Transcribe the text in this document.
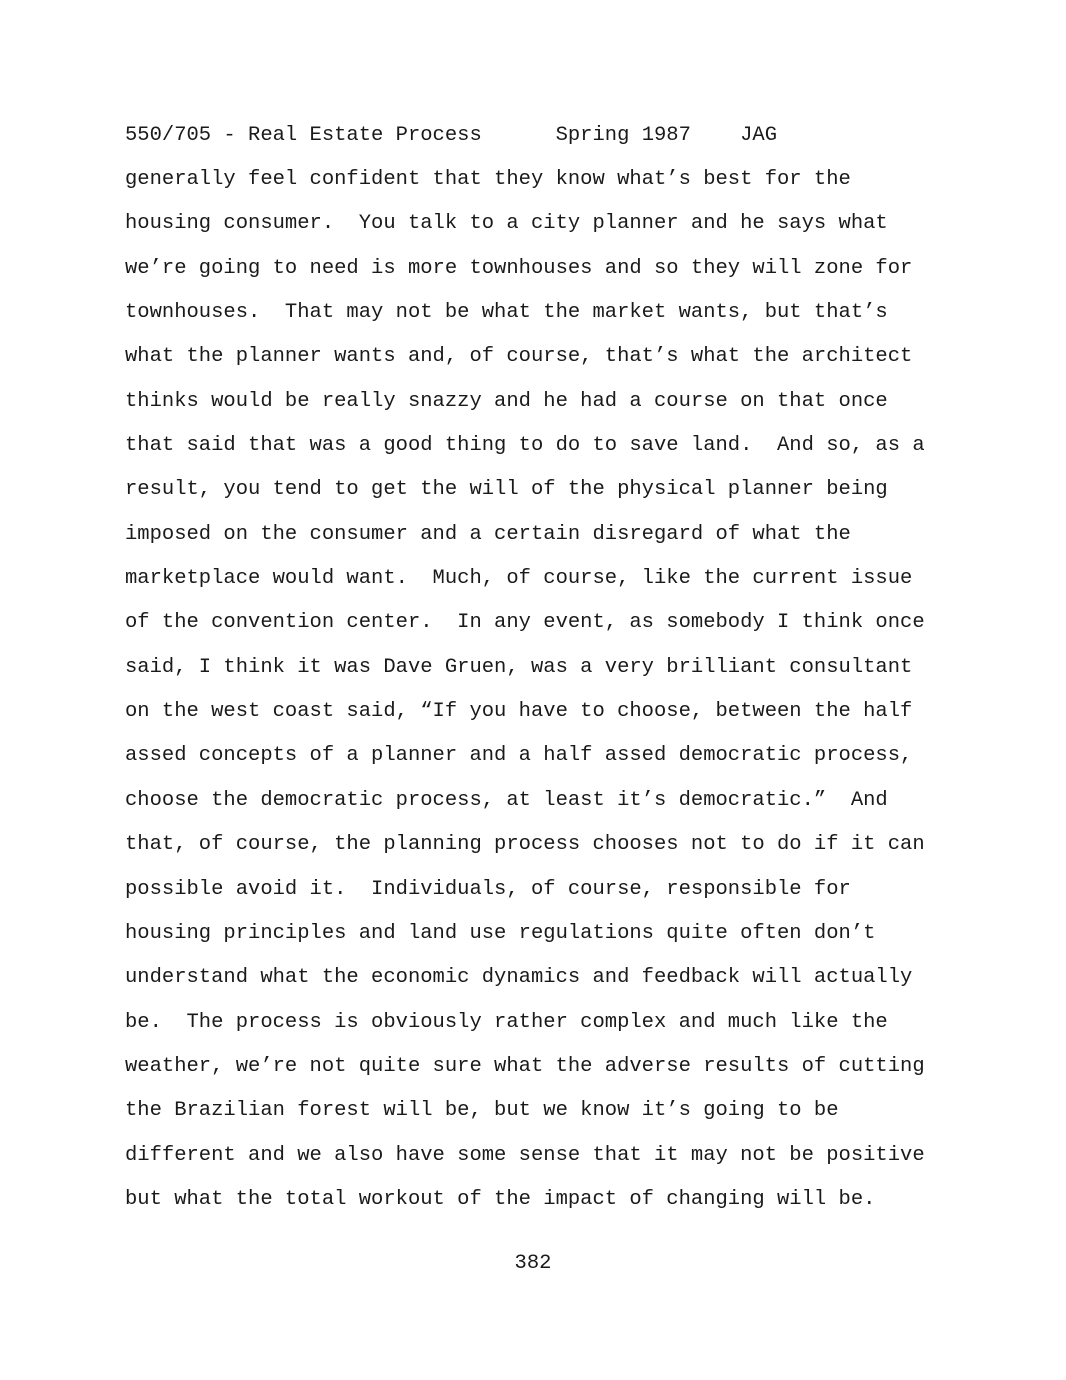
550/705 - Real Estate Process	Spring 1987 JAG
generally feel confident that they know what’s best for the
housing consumer.  You talk to a city planner and he says what
we’re going to need is more townhouses and so they will zone for
townhouses.  That may not be what the market wants, but that’s
what the planner wants and, of course, that’s what the architect
thinks would be really snazzy and he had a course on that once
that said that was a good thing to do to save land.  And so, as a
result, you tend to get the will of the physical planner being
imposed on the consumer and a certain disregard of what the
marketplace would want.  Much, of course, like the current issue
of the convention center.  In any event, as somebody I think once
said, I think it was Dave Gruen, was a very brilliant consultant
on the west coast said, “If you have to choose, between the half
assed concepts of a planner and a half assed democratic process,
choose the democratic process, at least it’s democratic.”  And
that, of course, the planning process chooses not to do if it can
possible avoid it.  Individuals, of course, responsible for
housing principles and land use regulations quite often don’t
understand what the economic dynamics and feedback will actually
be.  The process is obviously rather complex and much like the
weather, we’re not quite sure what the adverse results of cutting
the Brazilian forest will be, but we know it’s going to be
different and we also have some sense that it may not be positive
but what the total workout of the impact of changing will be.
382
